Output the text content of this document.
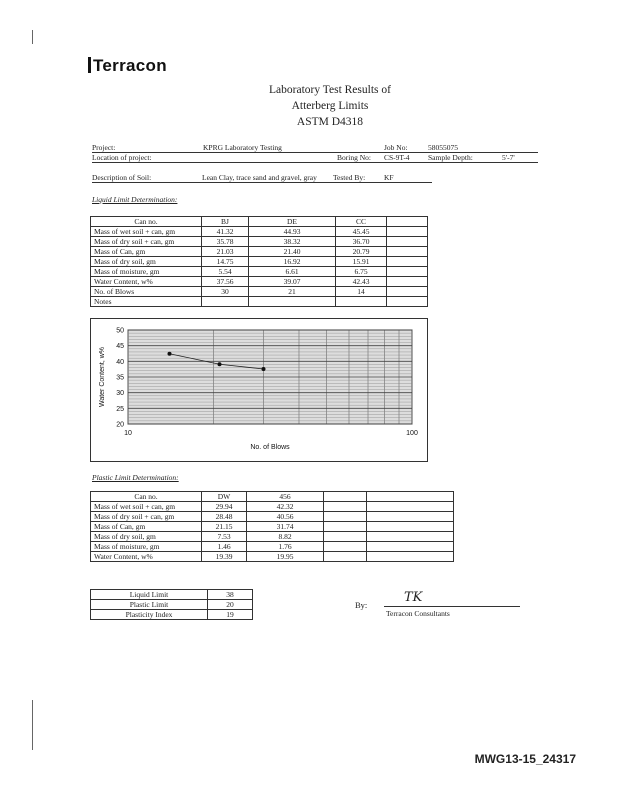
Terracon
Laboratory Test Results of
Atterberg Limits
ASTM D4318
Project:	KPRG Laboratory Testing	Job No:	58055075
Location of project:	Boring No: CS-9T-4 Sample Depth:	5'-7'
Description of Soil:	Lean Clay, trace sand and gravel, gray Tested By:	KF
Liquid Limit Determination:
Can no.	BJ	DE	CC	
Mass of wet soil + can, gm	41.32	44.93	45.45	
Mass of dry soil + can, gm	35.78	38.32	36.70	
Mass of Can, gm	21.03	21.40	20.79	
Mass of dry soil, gm	14.75	16.92	15.91	
Mass of moisture, gm	5.54	6.61	6.75	
Water Content, w%	37.56	39.07	42.43	
No. of Blows	30	21	14	
Notes				
20
25
30
35
40
45
50
10	100
No. of Blows
Water Content, w%
Plastic Limit Determination:
Can no.	DW	456		
Mass of wet soil + can, gm	29.94	42.32		
Mass of dry soil + can, gm	28.48	40.56		
Mass of Can, gm	21.15	31.74		
Mass of dry soil, gm	7.53	8.82		
Mass of moisture, gm	1.46	1.76		
Water Content, w%	19.39	19.95		
Liquid Limit	38
Plastic Limit	20
Plasticity Index	19
By:	TK
Terracon Consultants
MWG13-15_24317
